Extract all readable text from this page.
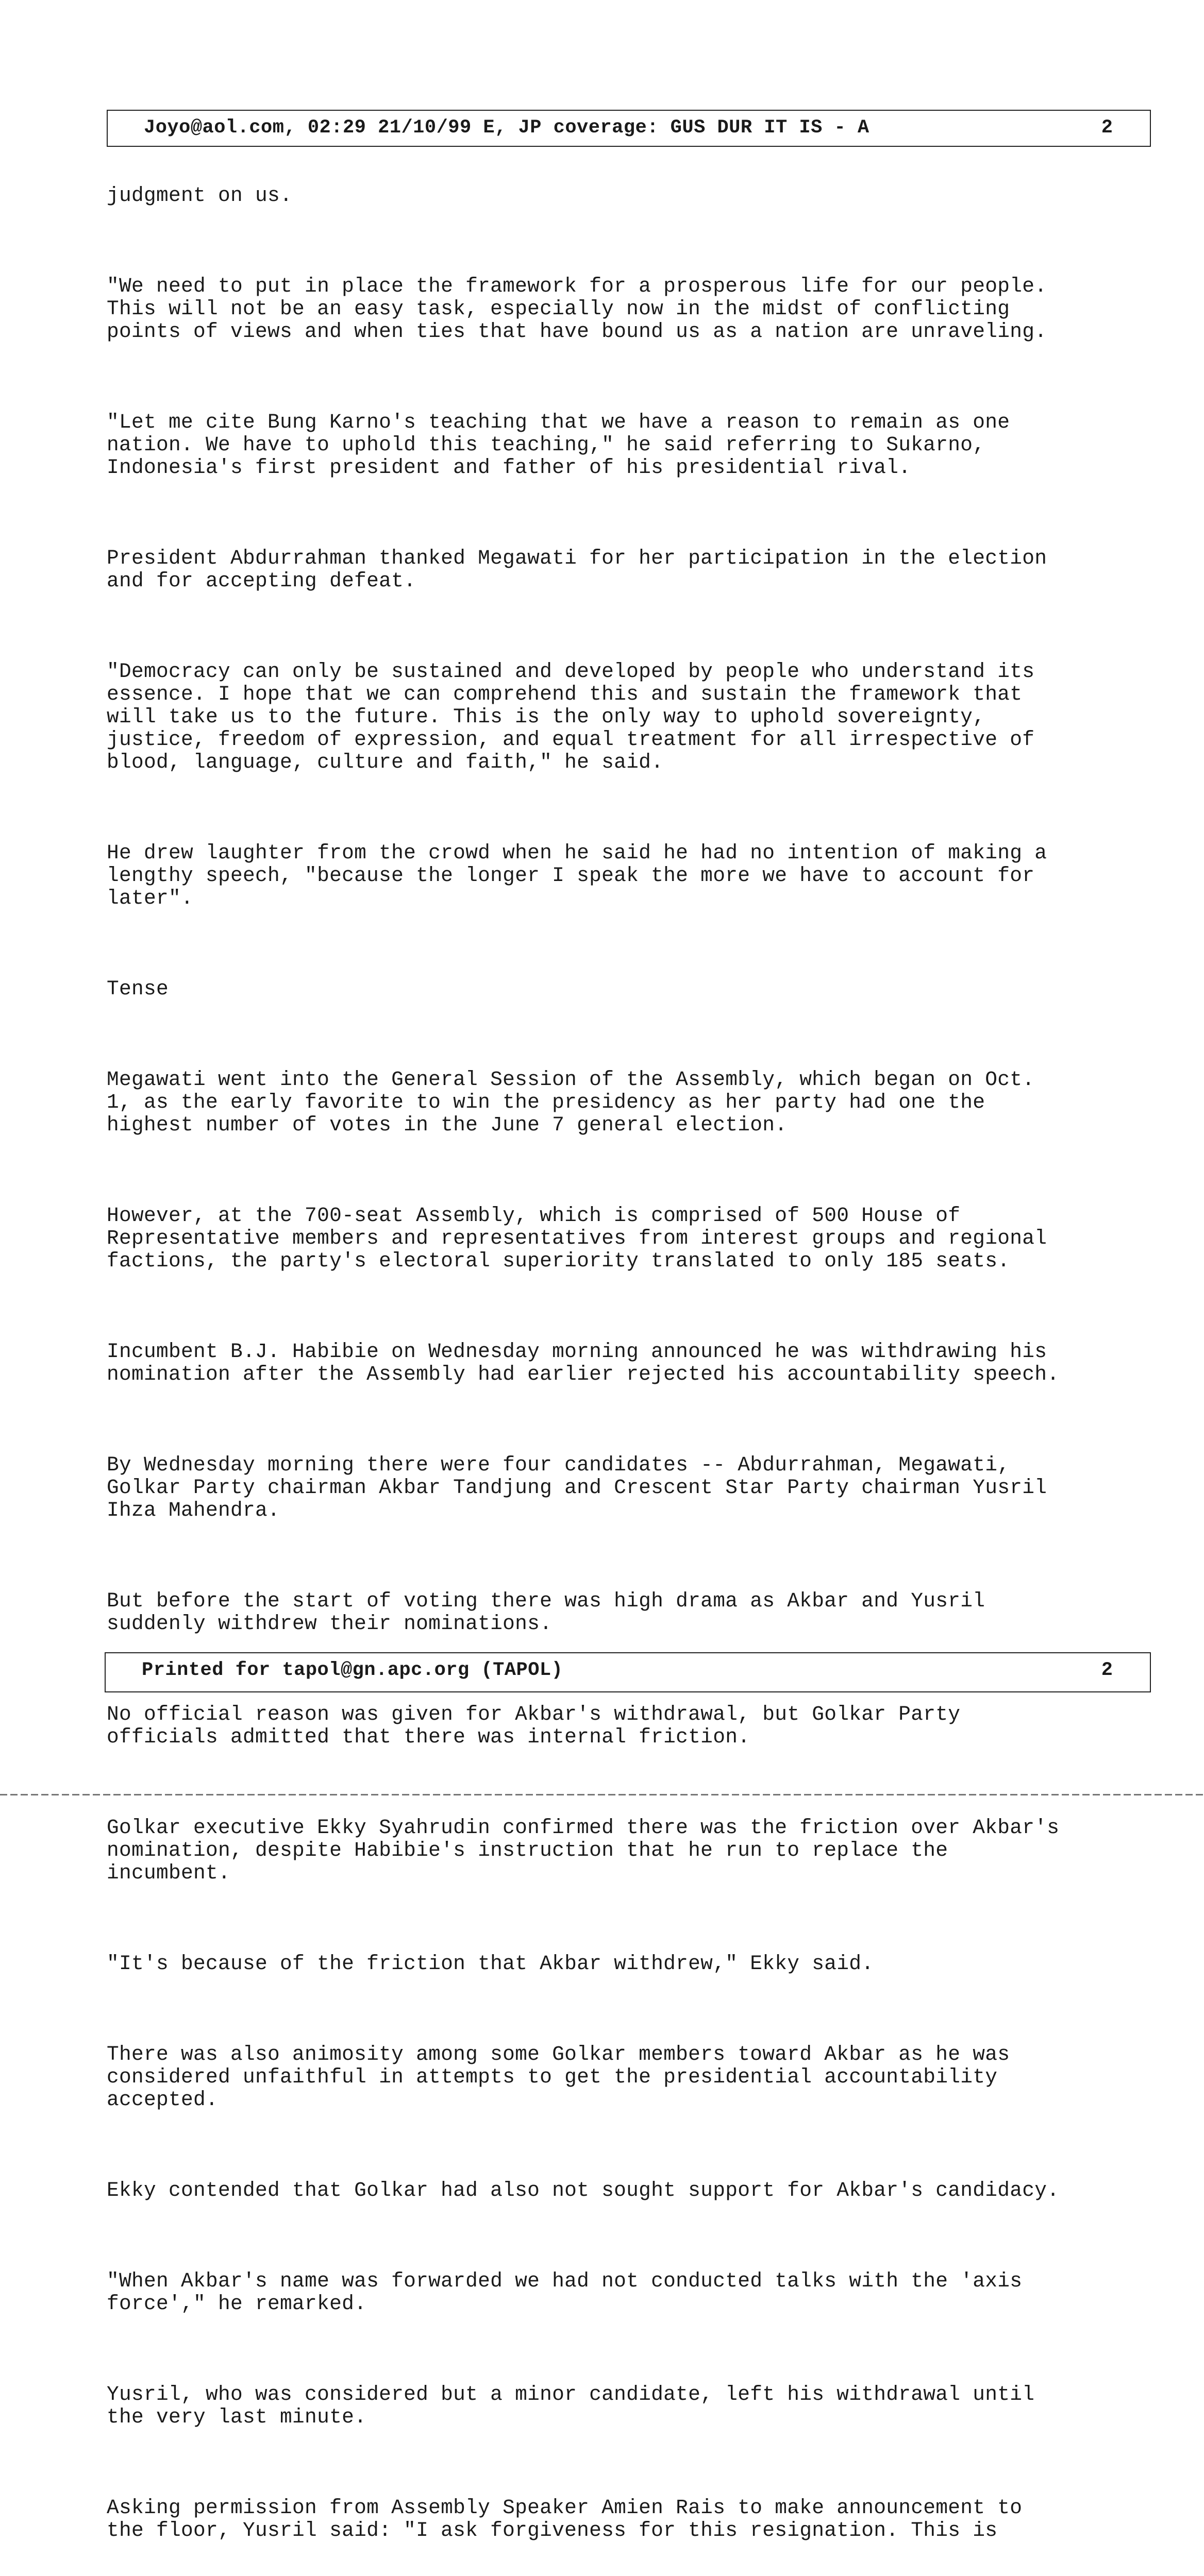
Joyo@aol.com, 02:29 21/10/99 E, JP coverage: GUS DUR IT IS - A	2

judgment on us.

"We need to put in place the framework for a prosperous life for our people.
This will not be an easy task, especially now in the midst of conflicting
points of views and when ties that have bound us as a nation are unraveling.

"Let me cite Bung Karno's teaching that we have a reason to remain as one
nation. We have to uphold this teaching," he said referring to Sukarno,
Indonesia's first president and father of his presidential rival.

President Abdurrahman thanked Megawati for her participation in the election
and for accepting defeat.

"Democracy can only be sustained and developed by people who understand its
essence. I hope that we can comprehend this and sustain the framework that
will take us to the future. This is the only way to uphold sovereignty,
justice, freedom of expression, and equal treatment for all irrespective of
blood, language, culture and faith," he said.

He drew laughter from the crowd when he said he had no intention of making a
lengthy speech, "because the longer I speak the more we have to account for
later".

Tense

Megawati went into the General Session of the Assembly, which began on Oct.
1, as the early favorite to win the presidency as her party had one the
highest number of votes in the June 7 general election.

However, at the 700-seat Assembly, which is comprised of 500 House of
Representative members and representatives from interest groups and regional
factions, the party's electoral superiority translated to only 185 seats.

Incumbent B.J. Habibie on Wednesday morning announced he was withdrawing his
nomination after the Assembly had earlier rejected his accountability speech.

By Wednesday morning there were four candidates -- Abdurrahman, Megawati,
Golkar Party chairman Akbar Tandjung and Crescent Star Party chairman Yusril
Ihza Mahendra.

But before the start of voting there was high drama as Akbar and Yusril
suddenly withdrew their nominations.

No official reason was given for Akbar's withdrawal, but Golkar Party
officials admitted that there was internal friction.

Golkar executive Ekky Syahrudin confirmed there was the friction over Akbar's
nomination, despite Habibie's instruction that he run to replace the
incumbent.

"It's because of the friction that Akbar withdrew," Ekky said.

There was also animosity among some Golkar members toward Akbar as he was
considered unfaithful in attempts to get the presidential accountability
accepted.

Ekky contended that Golkar had also not sought support for Akbar's candidacy.

"When Akbar's name was forwarded we had not conducted talks with the 'axis
force'," he remarked.

Yusril, who was considered but a minor candidate, left his withdrawal until
the very last minute.

Asking permission from Assembly Speaker Amien Rais to make announcement to
the floor, Yusril said: "I ask forgiveness for this resignation. This is

Printed for tapol@gn.apc.org (TAPOL)	2
